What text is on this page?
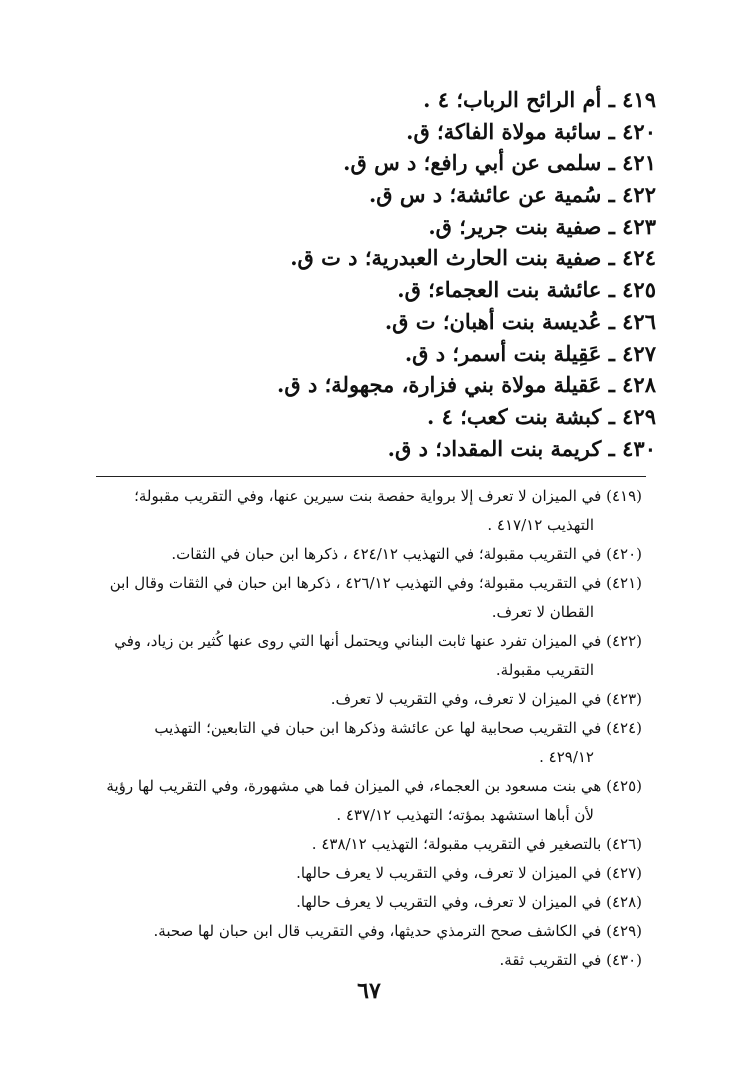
٤١٩ ـ أم الرائح الرباب؛ ٤ .
٤٢٠ ـ سائبة مولاة الفاكة؛ ق.
٤٢١ ـ سلمى عن أبي رافع؛ د س ق.
٤٢٢ ـ سُمية عن عائشة؛ د س ق.
٤٢٣ ـ صفية بنت جرير؛ ق.
٤٢٤ ـ صفية بنت الحارث العبدرية؛ د ت ق.
٤٢٥ ـ عائشة بنت العجماء؛ ق.
٤٢٦ ـ عُديسة بنت أهبان؛ ت ق.
٤٢٧ ـ عَقِيلة بنت أسمر؛ د ق.
٤٢٨ ـ عَقيلة مولاة بني فزارة، مجهولة؛ د ق.
٤٢٩ ـ كبشة بنت كعب؛ ٤ .
٤٣٠ ـ كريمة بنت المقداد؛ د ق.
(٤١٩) في الميزان لا تعرف إلا برواية حفصة بنت سيرين عنها، وفي التقريب مقبولة؛
التهذيب ٤١٧/١٢ .
(٤٢٠) في التقريب مقبولة؛ في التهذيب ٤٢٤/١٢ ، ذكرها ابن حبان في الثقات.
(٤٢١) في التقريب مقبولة؛ وفي التهذيب ٤٢٦/١٢ ، ذكرها ابن حبان في الثقات وقال ابن
القطان لا تعرف.
(٤٢٢) في الميزان تفرد عنها ثابت البناني ويحتمل أنها التي روى عنها كُثير بن زياد، وفي
التقريب مقبولة.
(٤٢٣) في الميزان لا تعرف، وفي التقريب لا تعرف.
(٤٢٤) في التقريب صحابية لها عن عائشة وذكرها ابن حبان في التابعين؛ التهذيب
٤٢٩/١٢ .
(٤٢٥) هي بنت مسعود بن العجماء، في الميزان فما هي مشهورة، وفي التقريب لها رؤية
لأن أباها استشهد بمؤته؛ التهذيب ٤٣٧/١٢ .
(٤٢٦) بالتصغير في التقريب مقبولة؛ التهذيب ٤٣٨/١٢ .
(٤٢٧) في الميزان لا تعرف، وفي التقريب لا يعرف حالها.
(٤٢٨) في الميزان لا تعرف، وفي التقريب لا يعرف حالها.
(٤٢٩) في الكاشف صحح الترمذي حديثها، وفي التقريب قال ابن حبان لها صحبة.
(٤٣٠) في التقريب ثقة.
٦٧
